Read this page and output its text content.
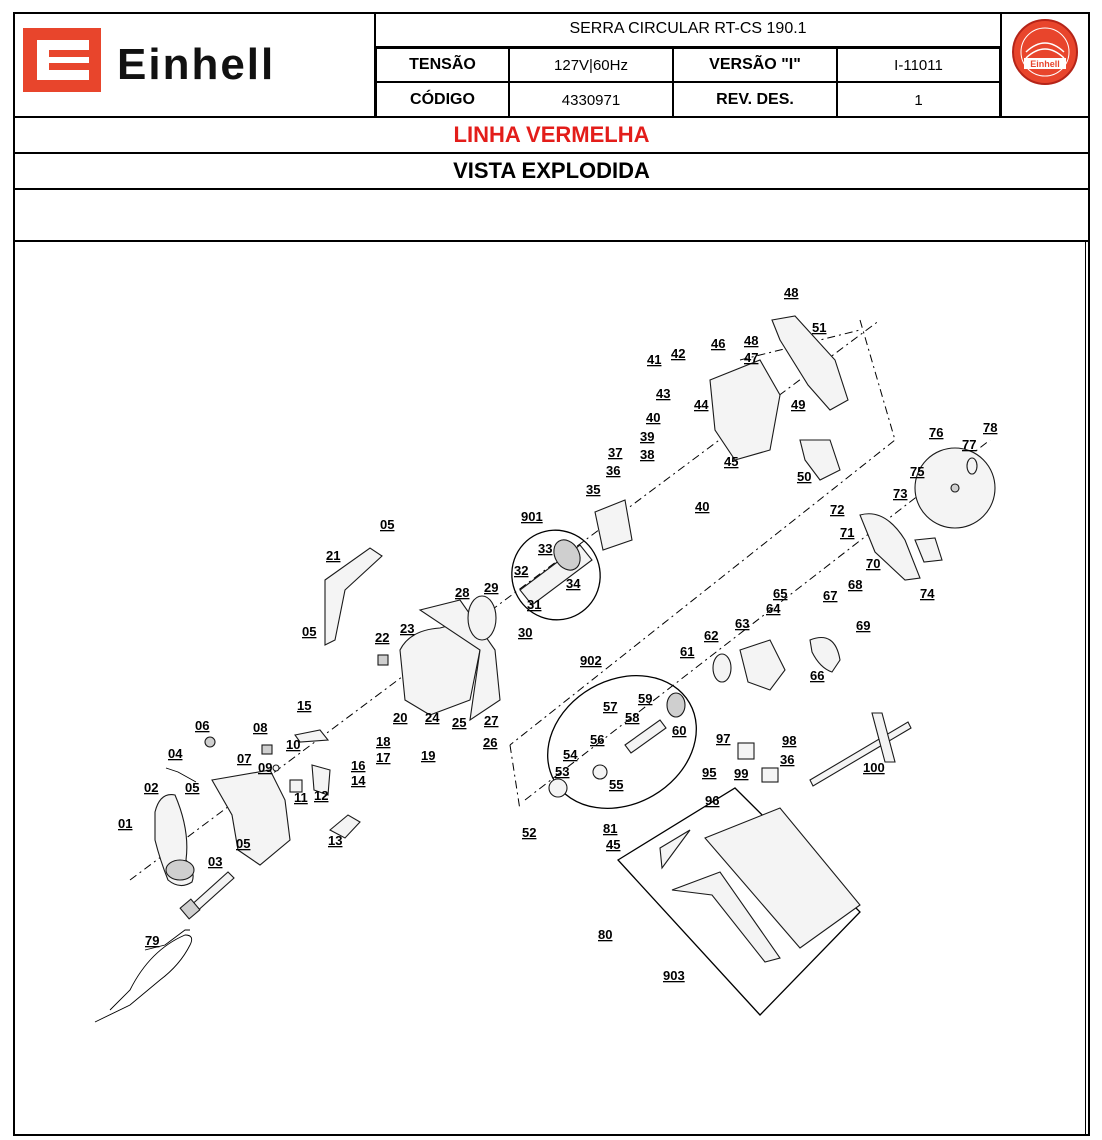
Einhell
SERRA CIRCULAR RT-CS 190.1
TENSÃO	127V|60Hz	VERSÃO "I"	I-11011
CÓDIGO	4330971	REV. DES.	1
Einhell
LINHA VERMELHA
VISTA EXPLODIDA
01
02
03
04
05
05
05
05
06
07
08
09
10
11 12
13
14
15
16
17
18
19
20
21
22
23
24 25
26
27
28 29
30
31
32
33
34
35
36
36
37 38
39
40
40
41 42
43
44
45
45
46
47
48
48
49
50
51
52
53
54
55
56
57
58
59
60
61
62
63
64
65
66
67
68
69
70
71
72
73
74
75
76
77
78
79	80
81
95
96
97	98
99	100
901
902
903
